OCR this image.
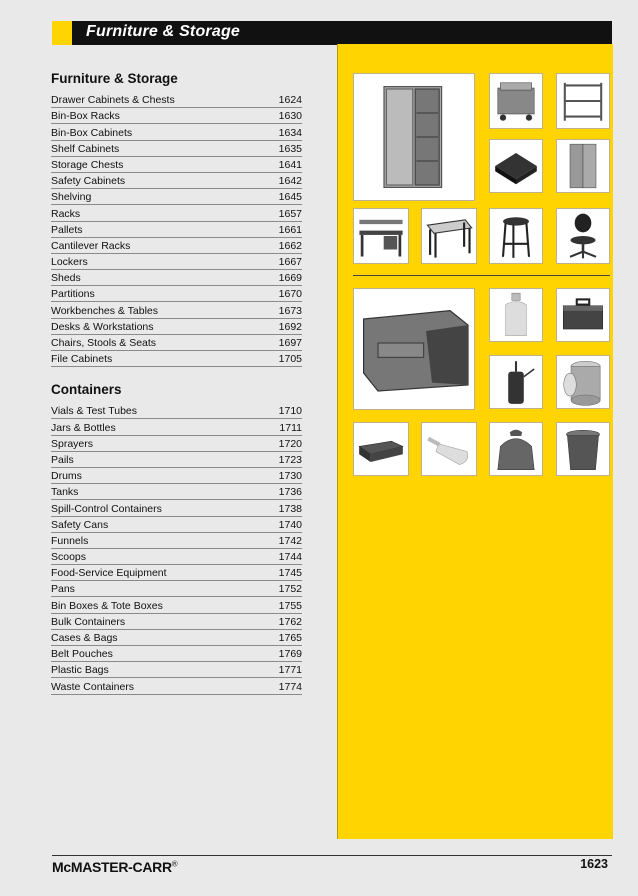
Furniture & Storage
Furniture & Storage
Drawer Cabinets & Chests	1624
Bin-Box Racks	1630
Bin-Box Cabinets	1634
Shelf Cabinets	1635
Storage Chests	1641
Safety Cabinets	1642
Shelving	1645
Racks	1657
Pallets	1661
Cantilever Racks	1662
Lockers	1667
Sheds	1669
Partitions	1670
Workbenches & Tables	1673
Desks & Workstations	1692
Chairs, Stools & Seats	1697
File Cabinets	1705
Containers
Vials & Test Tubes	1710
Jars & Bottles	1711
Sprayers	1720
Pails	1723
Drums	1730
Tanks	1736
Spill-Control Containers	1738
Safety Cans	1740
Funnels	1742
Scoops	1744
Food-Service Equipment	1745
Pans	1752
Bin Boxes & Tote Boxes	1755
Bulk Containers	1762
Cases & Bags	1765
Belt Pouches	1769
Plastic Bags	1771
Waste Containers	1774
McMASTER-CARR®	1623
